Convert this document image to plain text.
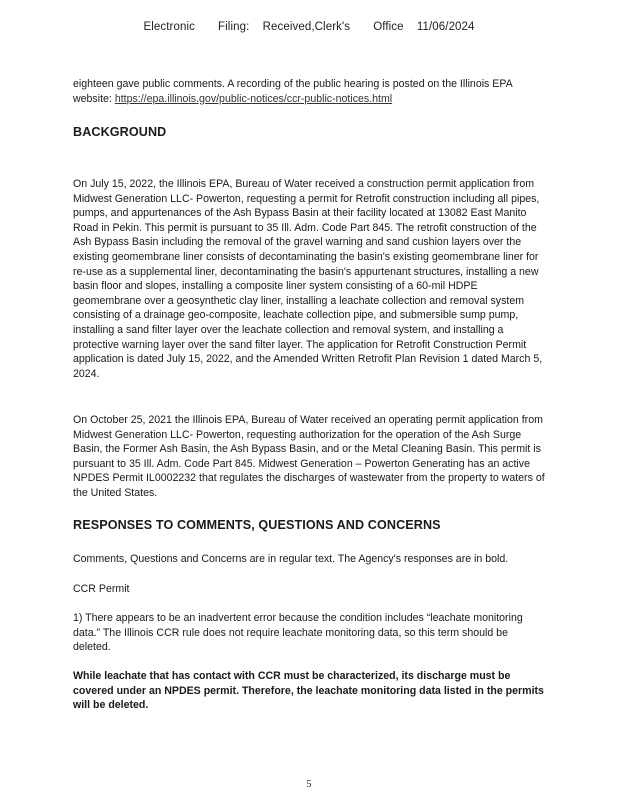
Electronic Filing: Received,Clerk's Office 11/06/2024

eighteen gave public comments. A recording of the public hearing is posted on the Illinois EPA website: https://epa.illinois.gov/public-notices/ccr-public-notices.html

BACKGROUND

On July 15, 2022, the Illinois EPA, Bureau of Water received a construction permit application from Midwest Generation LLC- Powerton, requesting a permit for Retrofit construction including all pipes, pumps, and appurtenances of the Ash Bypass Basin at their facility located at 13082 East Manito Road in Pekin. This permit is pursuant to 35 Ill. Adm. Code Part 845. The retrofit construction of the Ash Bypass Basin including the removal of the gravel warning and sand cushion layers over the existing geomembrane liner consists of decontaminating the basin's existing geomembrane liner for re-use as a supplemental liner, decontaminating the basin's appurtenant structures, installing a new basin floor and slopes, installing a composite liner system consisting of a 60-mil HDPE geomembrane over a geosynthetic clay liner, installing a leachate collection and removal system consisting of a drainage geo-composite, leachate collection pipe, and submersible sump pump, installing a sand filter layer over the leachate collection and removal system, and installing a protective warning layer over the sand filter layer. The application for Retrofit Construction Permit application is dated July 15, 2022, and the Amended Written Retrofit Plan Revision 1 dated March 5, 2024.

On October 25, 2021 the Illinois EPA, Bureau of Water received an operating permit application from Midwest Generation LLC- Powerton, requesting authorization for the operation of the Ash Surge Basin, the Former Ash Basin, the Ash Bypass Basin, and or the Metal Cleaning Basin. This permit is pursuant to 35 Ill. Adm. Code Part 845. Midwest Generation – Powerton Generating has an active NPDES Permit IL0002232 that regulates the discharges of wastewater from the property to waters of the United States.

RESPONSES TO COMMENTS, QUESTIONS AND CONCERNS

Comments, Questions and Concerns are in regular text. The Agency's responses are in bold.

CCR Permit

1) There appears to be an inadvertent error because the condition includes “leachate monitoring data.” The Illinois CCR rule does not require leachate monitoring data, so this term should be deleted.

While leachate that has contact with CCR must be characterized, its discharge must be covered under an NPDES permit. Therefore, the leachate monitoring data listed in the permits will be deleted.

5
